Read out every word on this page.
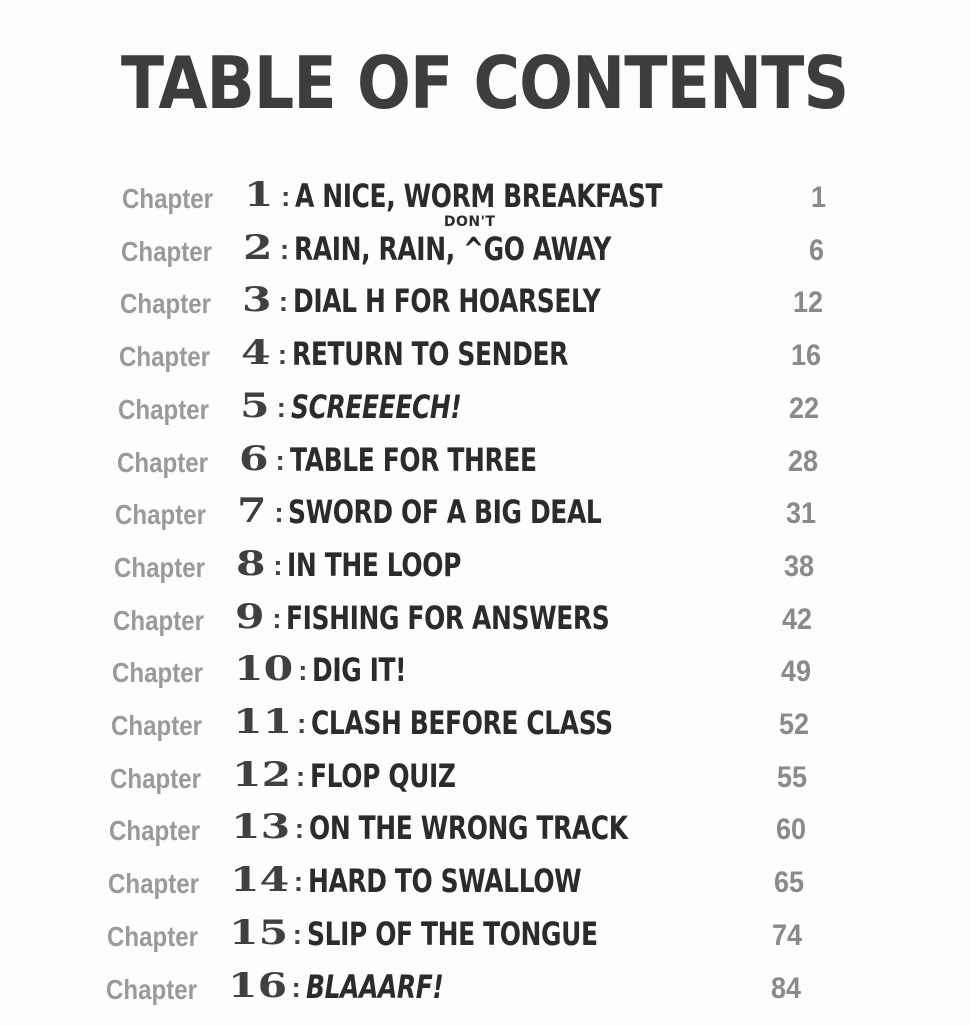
TABLE OF CONTENTS
Chapter 1 : A NICE, WORM BREAKFAST	1
Chapter 2 : RAIN, RAIN, ^GO AWAY	6
DON'T
Chapter 3 : DIAL H FOR HOARSELY	12
Chapter 4 : RETURN TO SENDER	16
Chapter 5 : SCREEEECH!	22
Chapter 6 : TABLE FOR THREE	28
Chapter 7 : SWORD OF A BIG DEAL	31
Chapter 8 : IN THE LOOP	38
Chapter 9 : FISHING FOR ANSWERS	42
Chapter 10 : DIG IT!	49
Chapter 11 : CLASH BEFORE CLASS	52
Chapter 12 : FLOP QUIZ	55
Chapter 13 : ON THE WRONG TRACK	60
Chapter 14 : HARD TO SWALLOW	65
Chapter 15 : SLIP OF THE TONGUE	74
Chapter 16 : BLAAARF!	84
